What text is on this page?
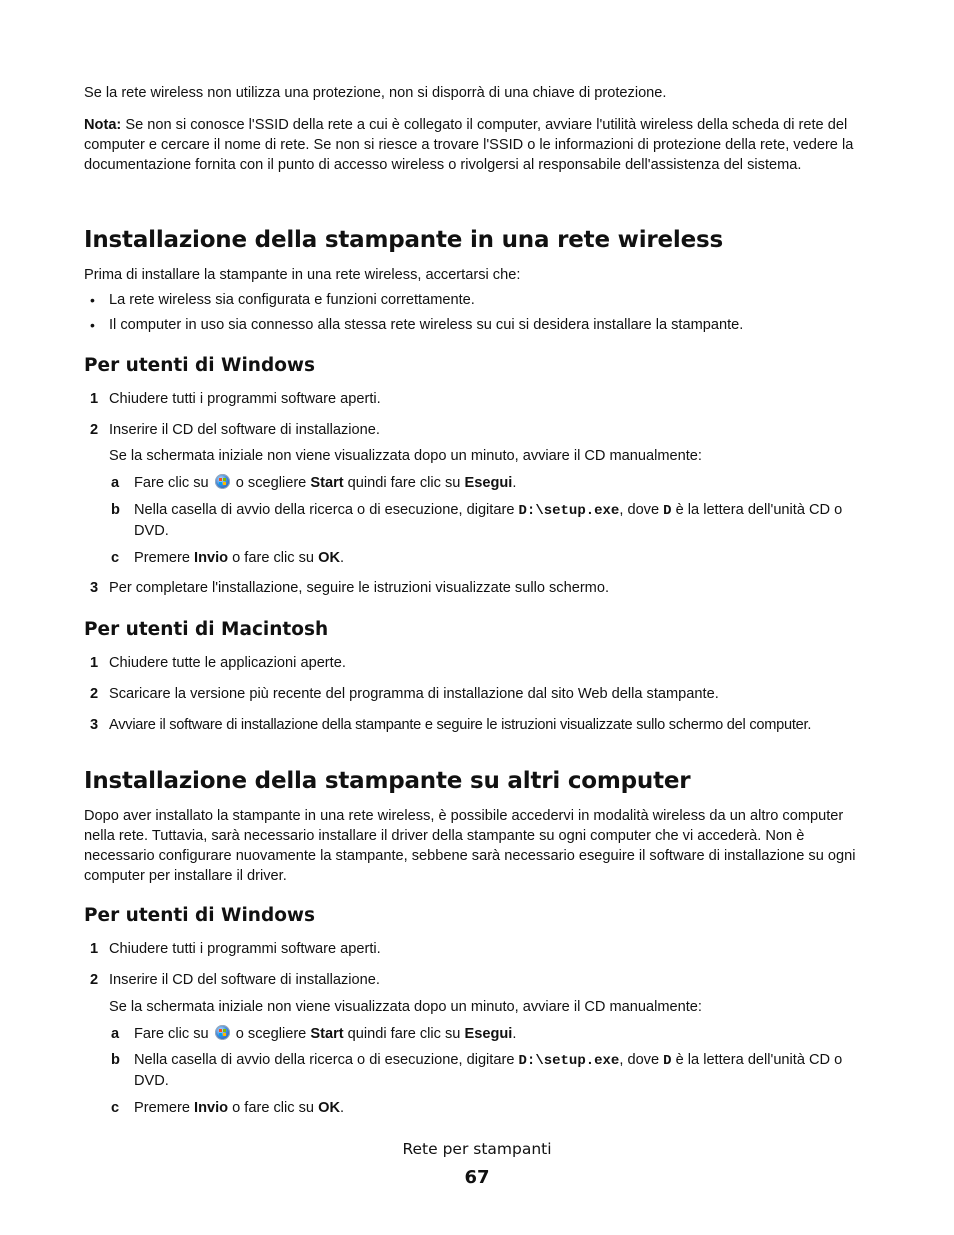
Se la rete wireless non utilizza una protezione, non si disporrà di una chiave di protezione.

Nota: Se non si conosce l'SSID della rete a cui è collegato il computer, avviare l'utilità wireless della scheda di rete del computer e cercare il nome di rete. Se non si riesce a trovare l'SSID o le informazioni di protezione della rete, vedere la documentazione fornita con il punto di accesso wireless o rivolgersi al responsabile dell'assistenza del sistema.

Installazione della stampante in una rete wireless

Prima di installare la stampante in una rete wireless, accertarsi che:

• La rete wireless sia configurata e funzioni correttamente.
• Il computer in uso sia connesso alla stessa rete wireless su cui si desidera installare la stampante.
Per utenti di Windows
1 Chiudere tutti i programmi software aperti.
2 Inserire il CD del software di installazione.

Se la schermata iniziale non viene visualizzata dopo un minuto, avviare il CD manualmente:

a Fare clic su  o scegliere Start quindi fare clic su Esegui.
b Nella casella di avvio della ricerca o di esecuzione, digitare D:\setup.exe, dove D è la lettera dell'unità CD o DVD.
c Premere Invio o fare clic su OK.
3 Per completare l'installazione, seguire le istruzioni visualizzate sullo schermo.
Per utenti di Macintosh
1 Chiudere tutte le applicazioni aperte.
2 Scaricare la versione più recente del programma di installazione dal sito Web della stampante.
3 Avviare il software di installazione della stampante e seguire le istruzioni visualizzate sullo schermo del computer.
Installazione della stampante su altri computer

Dopo aver installato la stampante in una rete wireless, è possibile accedervi in modalità wireless da un altro computer nella rete. Tuttavia, sarà necessario installare il driver della stampante su ogni computer che vi accederà. Non è necessario configurare nuovamente la stampante, sebbene sarà necessario eseguire il software di installazione su ogni computer per installare il driver.

Per utenti di Windows
1 Chiudere tutti i programmi software aperti.
2 Inserire il CD del software di installazione.

Se la schermata iniziale non viene visualizzata dopo un minuto, avviare il CD manualmente:

a Fare clic su  o scegliere Start quindi fare clic su Esegui.
b Nella casella di avvio della ricerca o di esecuzione, digitare D:\setup.exe, dove D è la lettera dell'unità CD o DVD.
c Premere Invio o fare clic su OK.
Rete per stampanti
67
